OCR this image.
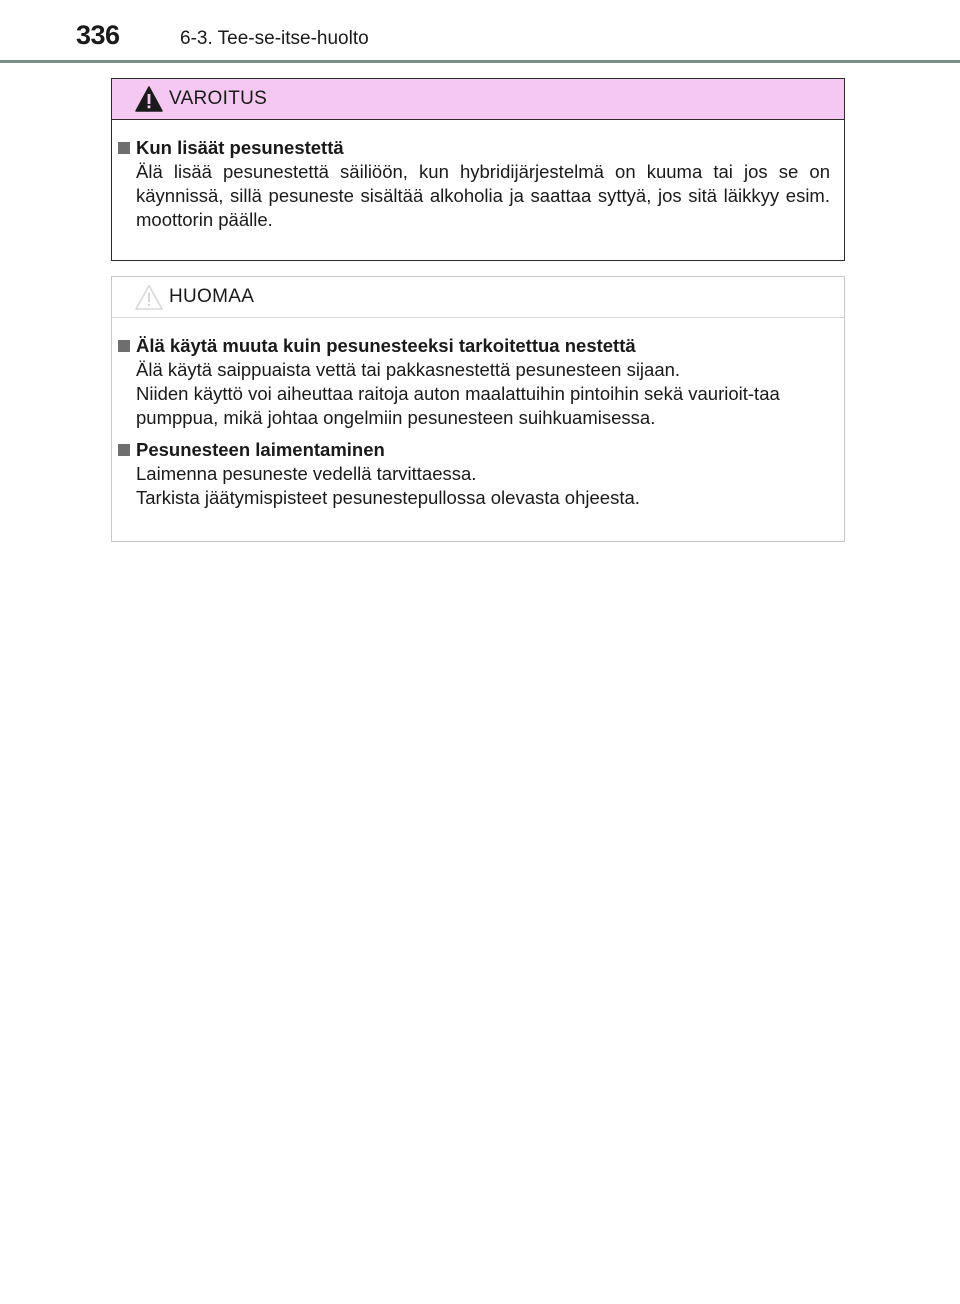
336	6-3. Tee-se-itse-huolto
VAROITUS
Kun lisäät pesunestettä
Älä lisää pesunestettä säiliöön, kun hybridijärjestelmä on kuuma tai jos se on käynnissä, sillä pesuneste sisältää alkoholia ja saattaa syttyä, jos sitä läikkyy esim. moottorin päälle.
HUOMAA
Älä käytä muuta kuin pesunesteeksi tarkoitettua nestettä
Älä käytä saippuaista vettä tai pakkasnestettä pesunesteen sijaan.
Niiden käyttö voi aiheuttaa raitoja auton maalattuihin pintoihin sekä vaurioit-taa pumppua, mikä johtaa ongelmiin pesunesteen suihkuamisessa.
Pesunesteen laimentaminen
Laimenna pesuneste vedellä tarvittaessa.
Tarkista jäätymispisteet pesunestepullossa olevasta ohjeesta.
